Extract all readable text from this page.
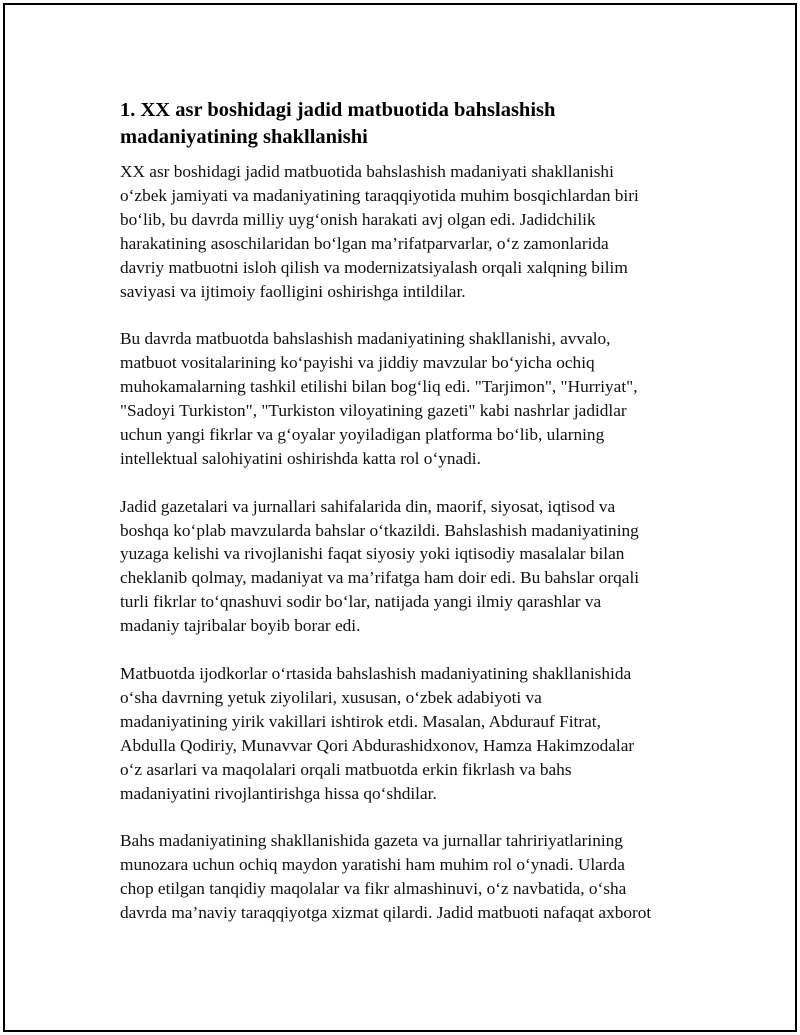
1. XX asr boshidagi jadid matbuotida bahslashish
madaniyatining shakllanishi
XX asr boshidagi jadid matbuotida bahslashish madaniyati shakllanishi
o‘zbek jamiyati va madaniyatining taraqqiyotida muhim bosqichlardan biri
bo‘lib, bu davrda milliy uyg‘onish harakati avj olgan edi. Jadidchilik
harakatining asoschilaridan bo‘lgan ma’rifatparvarlar, o‘z zamonlarida
davriy matbuotni isloh qilish va modernizatsiyalash orqali xalqning bilim
saviyasi va ijtimoiy faolligini oshirishga intildilar.
Bu davrda matbuotda bahslashish madaniyatining shakllanishi, avvalo,
matbuot vositalarining ko‘payishi va jiddiy mavzular bo‘yicha ochiq
muhokamalarning tashkil etilishi bilan bog‘liq edi. "Tarjimon", "Hurriyat",
"Sadoyi Turkiston", "Turkiston viloyatining gazeti" kabi nashrlar jadidlar
uchun yangi fikrlar va g‘oyalar yoyiladigan platforma bo‘lib, ularning
intellektual salohiyatini oshirishda katta rol o‘ynadi.
Jadid gazetalari va jurnallari sahifalarida din, maorif, siyosat, iqtisod va
boshqa ko‘plab mavzularda bahslar o‘tkazildi. Bahslashish madaniyatining
yuzaga kelishi va rivojlanishi faqat siyosiy yoki iqtisodiy masalalar bilan
cheklanib qolmay, madaniyat va ma’rifatga ham doir edi. Bu bahslar orqali
turli fikrlar to‘qnashuvi sodir bo‘lar, natijada yangi ilmiy qarashlar va
madaniy tajribalar boyib borar edi.
Matbuotda ijodkorlar o‘rtasida bahslashish madaniyatining shakllanishida
o‘sha davrning yetuk ziyolilari, xususan, o‘zbek adabiyoti va
madaniyatining yirik vakillari ishtirok etdi. Masalan, Abdurauf Fitrat,
Abdulla Qodiriy, Munavvar Qori Abdurashidxonov, Hamza Hakimzodalar
o‘z asarlari va maqolalari orqali matbuotda erkin fikrlash va bahs
madaniyatini rivojlantirishga hissa qo‘shdilar.
Bahs madaniyatining shakllanishida gazeta va jurnallar tahririyatlarining
munozara uchun ochiq maydon yaratishi ham muhim rol o‘ynadi. Ularda
chop etilgan tanqidiy maqolalar va fikr almashinuvi, o‘z navbatida, o‘sha
davrda ma’naviy taraqqiyotga xizmat qilardi. Jadid matbuoti nafaqat axborot
